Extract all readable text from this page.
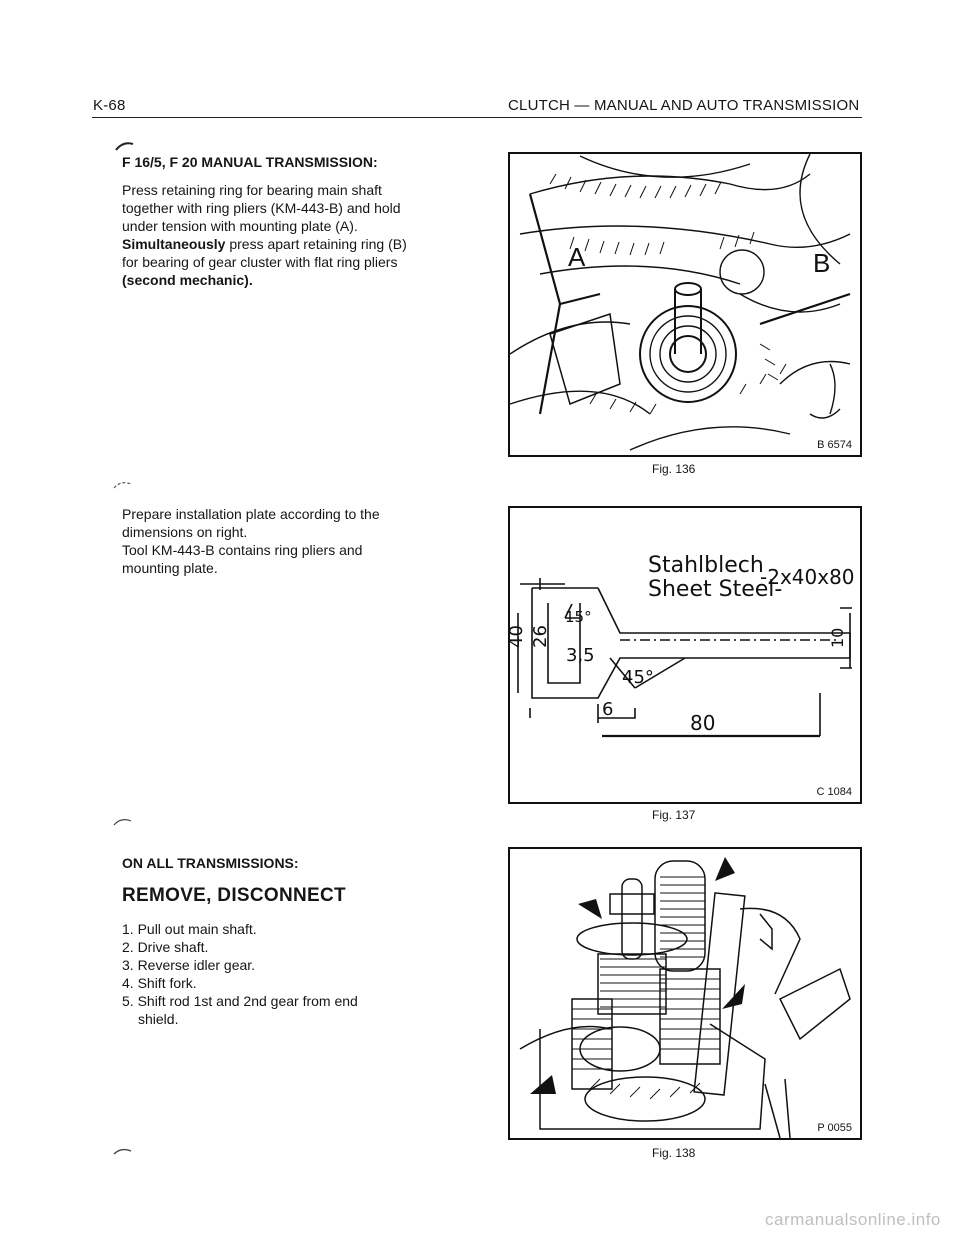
K-68	CLUTCH — MANUAL AND AUTO TRANSMISSION
F 16/5, F 20 MANUAL TRANSMISSION:
Press retaining ring for bearing main shaft
together with ring pliers (KM-443-B) and hold
under tension with mounting plate (A).
Simultaneously press apart retaining ring (B)
for bearing of gear cluster with flat ring pliers
(second mechanic).
Prepare installation plate according to the
dimensions on right.
Tool KM-443-B contains ring pliers and
mounting plate.
ON ALL TRANSMISSIONS:
REMOVE, DISCONNECT
1. Pull out main shaft.
2. Drive shaft.
3. Reverse idler gear.
4. Shift fork.
5. Shift rod 1st and 2nd gear from end
shield.
A	B
B 6574
Fig. 136
Stahlblech
Sheet Steel-
-2x40x80
15°
40 26	10
3,5
45°
6
80
C 1084
Fig. 137
P 0055
Fig. 138
carmanualsonline.info
